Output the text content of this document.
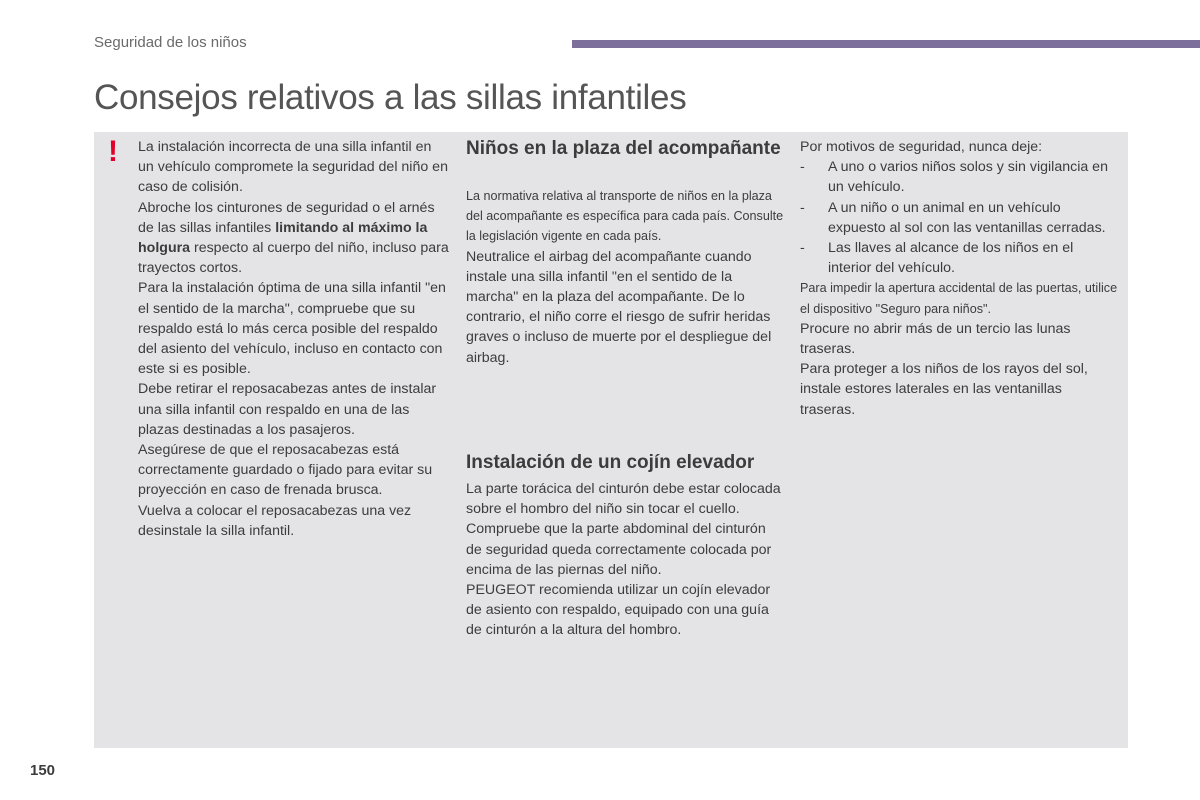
Seguridad de los niños
Consejos relativos a las sillas infantiles
! La instalación incorrecta de una silla infantil en un vehículo compromete la seguridad del niño en caso de colisión.

Abroche los cinturones de seguridad o el arnés de las sillas infantiles limitando al máximo la holgura respecto al cuerpo del niño, incluso para trayectos cortos.

Para la instalación óptima de una silla infantil "en el sentido de la marcha", compruebe que su respaldo está lo más cerca posible del respaldo del asiento del vehículo, incluso en contacto con este si es posible.

Debe retirar el reposacabezas antes de instalar una silla infantil con respaldo en una de las plazas destinadas a los pasajeros.

Asegúrese de que el reposacabezas está correctamente guardado o fijado para evitar su proyección en caso de frenada brusca.

Vuelva a colocar el reposacabezas una vez desinstale la silla infantil.

Niños en la plaza del acompañante

La normativa relativa al transporte de niños en la plaza del acompañante es específica para cada país. Consulte la legislación vigente en cada país.

Neutralice el airbag del acompañante cuando instale una silla infantil "en el sentido de la marcha" en la plaza del acompañante. De lo contrario, el niño corre el riesgo de sufrir heridas graves o incluso de muerte por el despliegue del airbag.

Instalación de un cojín elevador

La parte torácica del cinturón debe estar colocada sobre el hombro del niño sin tocar el cuello.

Compruebe que la parte abdominal del cinturón de seguridad queda correctamente colocada por encima de las piernas del niño.

PEUGEOT recomienda utilizar un cojín elevador de asiento con respaldo, equipado con una guía de cinturón a la altura del hombro.

Por motivos de seguridad, nunca deje:

-	A uno o varios niños solos y sin vigilancia en un vehículo.
-	A un niño o un animal en un vehículo expuesto al sol con las ventanillas cerradas.
-	Las llaves al alcance de los niños en el interior del vehículo.

Para impedir la apertura accidental de las puertas, utilice el dispositivo "Seguro para niños".

Procure no abrir más de un tercio las lunas traseras.

Para proteger a los niños de los rayos del sol, instale estores laterales en las ventanillas traseras.

150
